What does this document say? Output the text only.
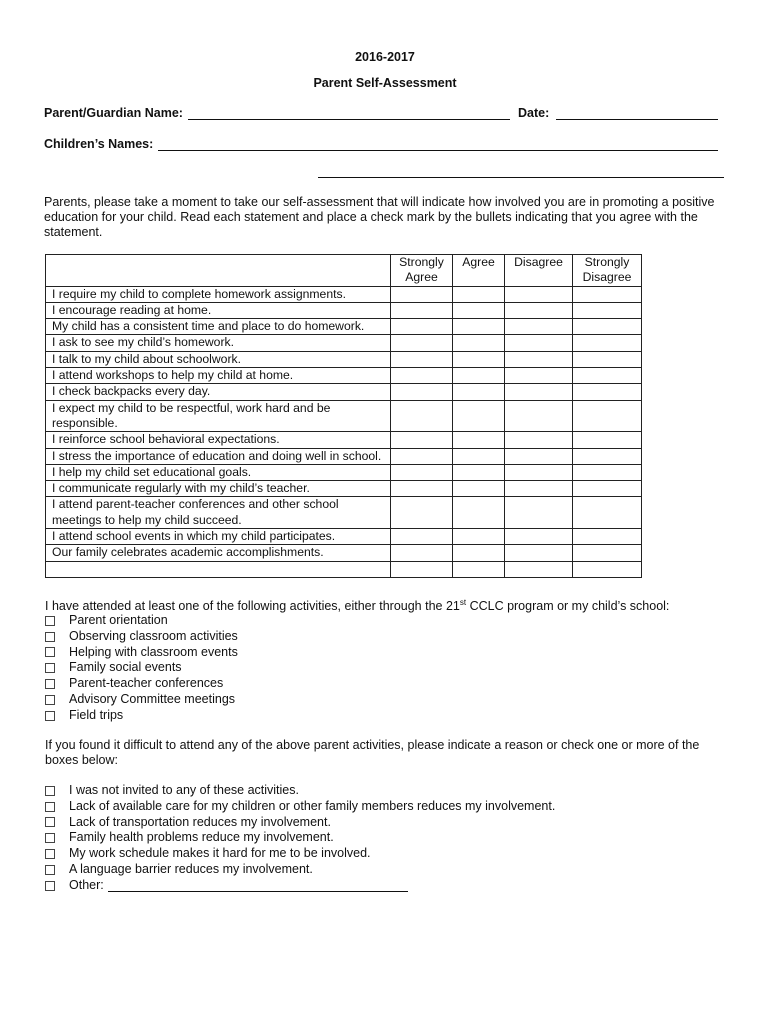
2016-2017
Parent Self-Assessment
Parent/Guardian Name:	Date:
Children’s Names:
Parents, please take a moment to take our self-assessment that will indicate how involved you are in promoting a positive education for your child. Read each statement and place a check mark by the bullets indicating that you agree with the statement.
	Strongly Agree	Agree	Disagree	Strongly Disagree
I require my child to complete homework assignments.				
I encourage reading at home.				
My child has a consistent time and place to do homework.				
I ask to see my child’s homework.				
I talk to my child about schoolwork.				
I attend workshops to help my child at home.				
I check backpacks every day.				
I expect my child to be respectful, work hard and be responsible.				
I reinforce school behavioral expectations.				
I stress the importance of education and doing well in school.				
I help my child set educational goals.				
I communicate regularly with my child’s teacher.				
I attend parent-teacher conferences and other school meetings to help my child succeed.				
I attend school events in which my child participates.				
Our family celebrates academic accomplishments.				

I have attended at least one of the following activities, either through the 21st CCLC program or my child’s school:
Parent orientation
Observing classroom activities
Helping with classroom events
Family social events
Parent-teacher conferences
Advisory Committee meetings
Field trips
If you found it difficult to attend any of the above parent activities, please indicate a reason or check one or more of the boxes below:
I was not invited to any of these activities.
Lack of available care for my children or other family members reduces my involvement.
Lack of transportation reduces my involvement.
Family health problems reduce my involvement.
My work schedule makes it hard for me to be involved.
A language barrier reduces my involvement.
Other:
